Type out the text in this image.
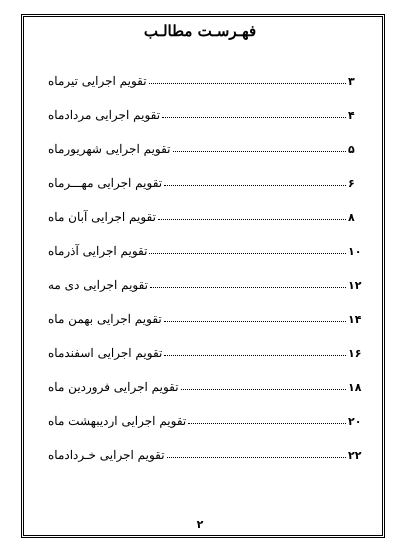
فهـرسـت مطالـب
تقویم اجرایی تیرماه	۳
تقویم اجرایی مردادماه	۴
تقویم اجرایی شهریورماه	۵
تقویم اجرایی مهـــرماه	۶
تقویم اجرایی آبان ماه	۸
تقویم اجرایی آذرماه	۱۰
تقویم اجرایی دی مه	۱۲
تقویم اجرایی بهمن ماه	۱۴
تقویم اجرایی اسفندماه	۱۶
تقویم اجرایی فروردین ماه	۱۸
تقویم اجرایی اردیبهشت ماه	۲۰
تقویم اجرایی خـردادماه	۲۲
۲
